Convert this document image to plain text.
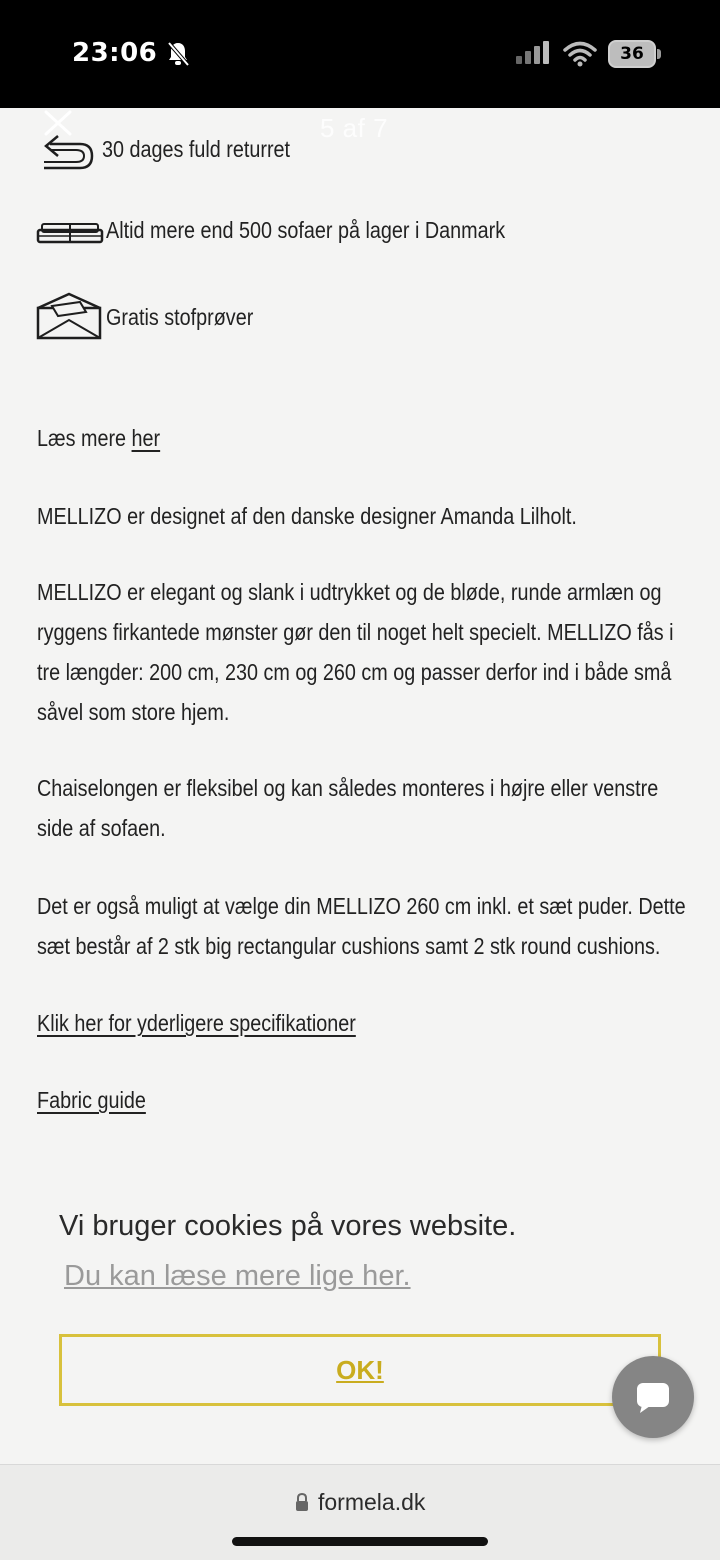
23:06	36
5 af 7
30 dages fuld returret
Altid mere end 500 sofaer på lager i Danmark
Gratis stofprøver
Læs mere her

MELLIZO er designet af den danske designer Amanda Lilholt.

MELLIZO er elegant og slank i udtrykket og de bløde, runde armlæn og ryggens firkantede mønster gør den til noget helt specielt. MELLIZO fås i tre længder: 200 cm, 230 cm og 260 cm og passer derfor ind i både små såvel som store hjem.

Chaiselongen er fleksibel og kan således monteres i højre eller venstre side af sofaen.

Det er også muligt at vælge din MELLIZO 260 cm inkl. et sæt puder. Dette sæt består af 2 stk big rectangular cushions samt 2 stk round cushions.

Klik her for yderligere specifikationer
Fabric guide
Vi bruger cookies på vores website.
Du kan læse mere lige her.
OK!
formela.dk
